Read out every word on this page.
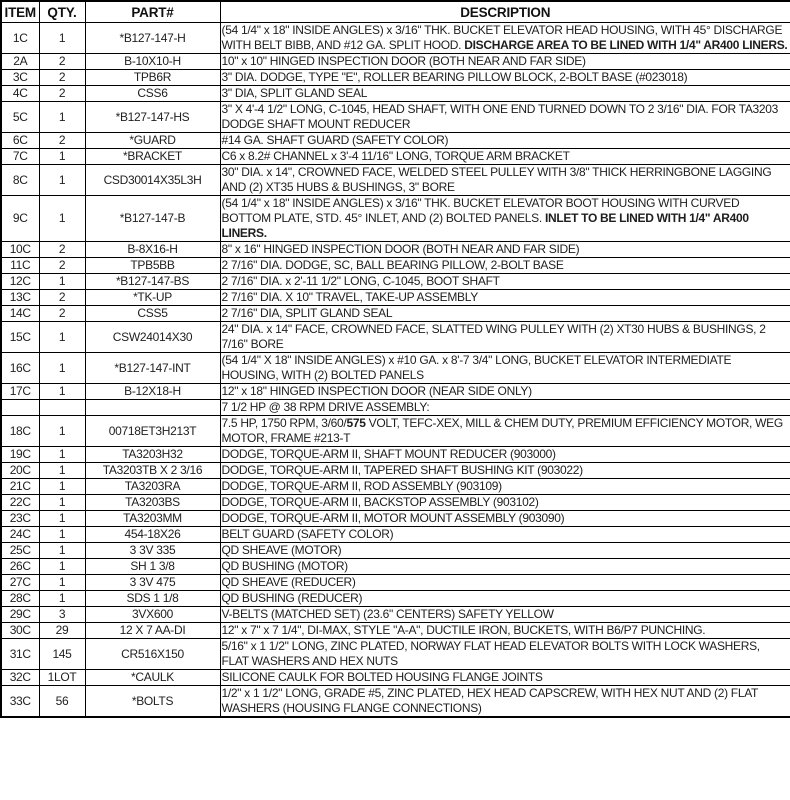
ITEM	QTY.	PART#	DESCRIPTION
1C	1	*B127-147-H	(54 1/4" x 18" INSIDE ANGLES) x 3/16" THK. BUCKET ELEVATOR HEAD HOUSING, WITH 45° DISCHARGE WITH BELT BIBB, AND #12 GA. SPLIT HOOD. DISCHARGE AREA TO BE LINED WITH 1/4" AR400 LINERS.
2A	2	B-10X10-H	10" x 10" HINGED INSPECTION DOOR (BOTH NEAR AND FAR SIDE)
3C	2	TPB6R	3" DIA. DODGE, TYPE "E", ROLLER BEARING PILLOW BLOCK, 2-BOLT BASE (#023018)
4C	2	CSS6	3" DIA, SPLIT GLAND SEAL
5C	1	*B127-147-HS	3" X 4'-4 1/2" LONG, C-1045, HEAD SHAFT, WITH ONE END TURNED DOWN TO 2 3/16" DIA. FOR TA3203 DODGE SHAFT MOUNT REDUCER
6C	2	*GUARD	#14 GA. SHAFT GUARD (SAFETY COLOR)
7C	1	*BRACKET	C6 x 8.2# CHANNEL x 3'-4 11/16" LONG, TORQUE ARM BRACKET
8C	1	CSD30014X35L3H	30" DIA. x 14", CROWNED FACE, WELDED STEEL PULLEY WITH 3/8" THICK HERRINGBONE LAGGING AND (2) XT35 HUBS & BUSHINGS, 3" BORE
9C	1	*B127-147-B	(54 1/4" x 18" INSIDE ANGLES) x 3/16" THK. BUCKET ELEVATOR BOOT HOUSING WITH CURVED BOTTOM PLATE, STD. 45° INLET, AND (2) BOLTED PANELS. INLET TO BE LINED WITH 1/4" AR400 LINERS.
10C	2	B-8X16-H	8" x 16" HINGED INSPECTION DOOR (BOTH NEAR AND FAR SIDE)
11C	2	TPB5BB	2 7/16" DIA. DODGE, SC, BALL BEARING PILLOW, 2-BOLT BASE
12C	1	*B127-147-BS	2 7/16" DIA. x 2'-11 1/2" LONG, C-1045, BOOT SHAFT
13C	2	*TK-UP	2 7/16" DIA. X 10" TRAVEL, TAKE-UP ASSEMBLY
14C	2	CSS5	2 7/16" DIA, SPLIT GLAND SEAL
15C	1	CSW24014X30	24" DIA. x 14" FACE, CROWNED FACE, SLATTED WING PULLEY WITH (2) XT30 HUBS & BUSHINGS, 2 7/16" BORE
16C	1	*B127-147-INT	(54 1/4" X 18" INSIDE ANGLES) x #10 GA. x 8'-7 3/4" LONG, BUCKET ELEVATOR INTERMEDIATE HOUSING, WITH (2) BOLTED PANELS
17C	1	B-12X18-H	12" x 18" HINGED INSPECTION DOOR (NEAR SIDE ONLY)
			7 1/2 HP @ 38 RPM DRIVE ASSEMBLY:
18C	1	00718ET3H213T	7.5 HP, 1750 RPM, 3/60/575 VOLT, TEFC-XEX, MILL & CHEM DUTY, PREMIUM EFFICIENCY MOTOR, WEG MOTOR, FRAME #213-T
19C	1	TA3203H32	DODGE, TORQUE-ARM II, SHAFT MOUNT REDUCER (903000)
20C	1	TA3203TB X 2 3/16	DODGE, TORQUE-ARM II, TAPERED SHAFT BUSHING KIT (903022)
21C	1	TA3203RA	DODGE, TORQUE-ARM II, ROD ASSEMBLY (903109)
22C	1	TA3203BS	DODGE, TORQUE-ARM II, BACKSTOP ASSEMBLY (903102)
23C	1	TA3203MM	DODGE, TORQUE-ARM II, MOTOR MOUNT ASSEMBLY (903090)
24C	1	454-18X26	BELT GUARD (SAFETY COLOR)
25C	1	3 3V 335	QD SHEAVE (MOTOR)
26C	1	SH 1 3/8	QD BUSHING (MOTOR)
27C	1	3 3V 475	QD SHEAVE (REDUCER)
28C	1	SDS 1 1/8	QD BUSHING (REDUCER)
29C	3	3VX600	V-BELTS (MATCHED SET) (23.6" CENTERS) SAFETY YELLOW
30C	29	12 X 7 AA-DI	12" x 7" x 7 1/4", DI-MAX, STYLE "A-A", DUCTILE IRON, BUCKETS, WITH B6/P7 PUNCHING.
31C	145	CR516X150	5/16" x 1 1/2" LONG, ZINC PLATED, NORWAY FLAT HEAD ELEVATOR BOLTS WITH LOCK WASHERS, FLAT WASHERS AND HEX NUTS
32C	1LOT	*CAULK	SILICONE CAULK FOR BOLTED HOUSING FLANGE JOINTS
33C	56	*BOLTS	1/2" x 1 1/2" LONG, GRADE #5, ZINC PLATED, HEX HEAD CAPSCREW, WITH HEX NUT AND (2) FLAT WASHERS (HOUSING FLANGE CONNECTIONS)
